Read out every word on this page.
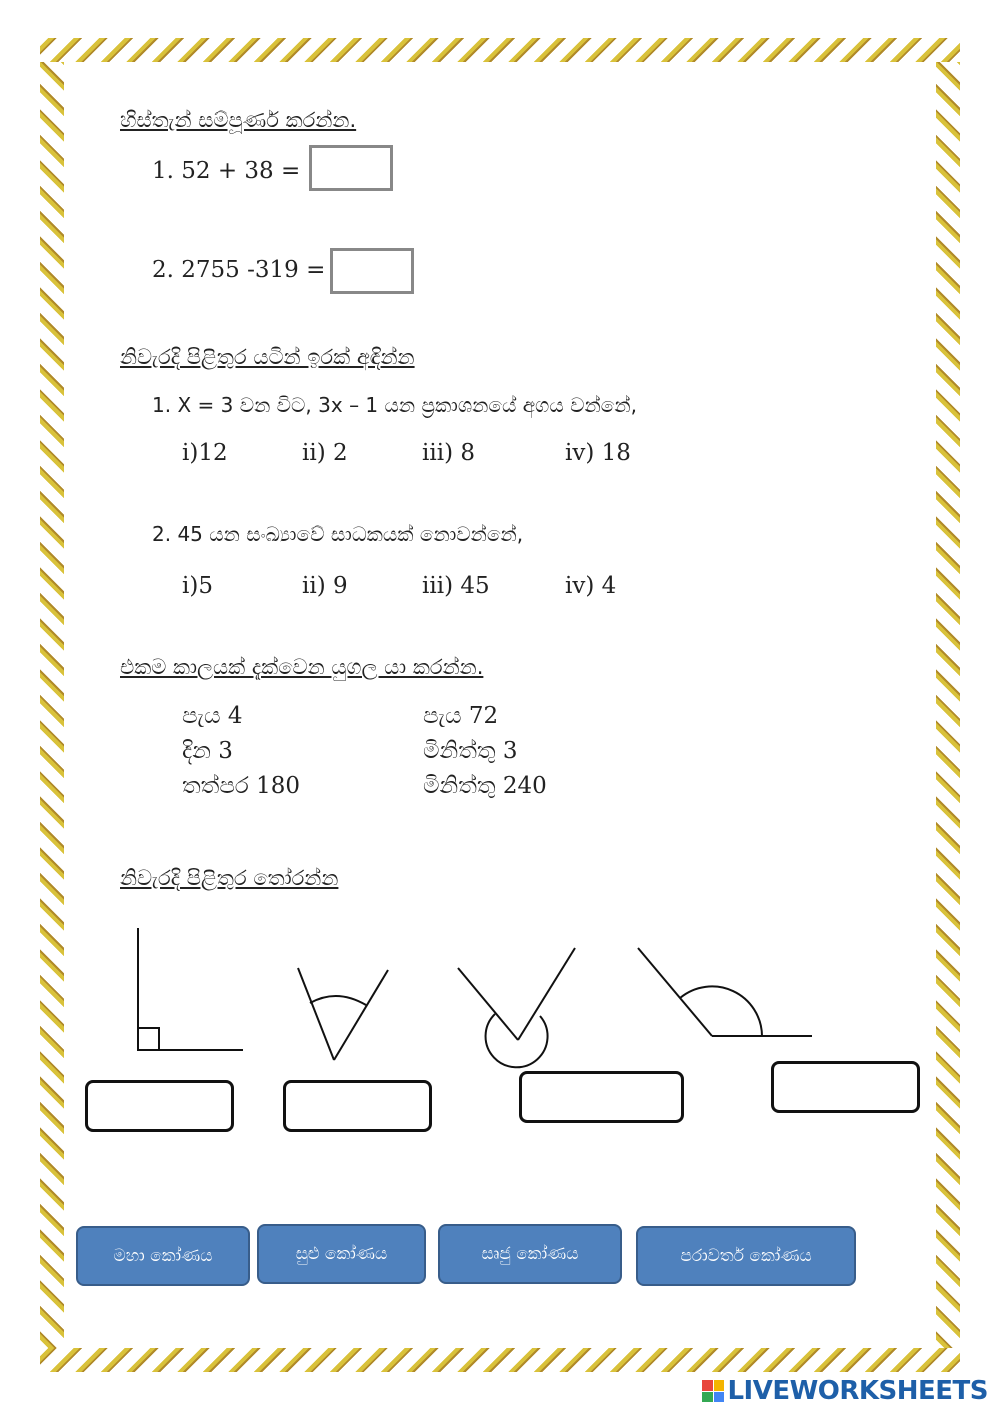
හිස්තැන් සම්පූර්ණ කරන්න.
1. 52 + 38 =
2. 2755 -319 =
නිවැරදි පිළිතුර යටින් ඉරක් අඳින්න
1. X = 3 වන විට, 3x – 1 යන ප්‍රකාශනයේ අගය වන්නේ,
i)12	ii) 2	iii) 8	iv) 18
2. 45 යන සංඛ්‍යාවේ සාධකයක් නොවන්නේ,
i)5	ii) 9	iii) 45	iv) 4
එකම කාලයක් දැක්වෙන යුගල යා කරන්න.
පැය 4
දින 3
තත්පර 180
පැය 72
මිනිත්තු 3
මිනිත්තු 240
නිවැරදි පිළිතුර තෝරන්න
මහා කෝණය	සුළු කෝණය	සෘජු කෝණය	පරාවර්ත කෝණය
LIVEWORKSHEETS
